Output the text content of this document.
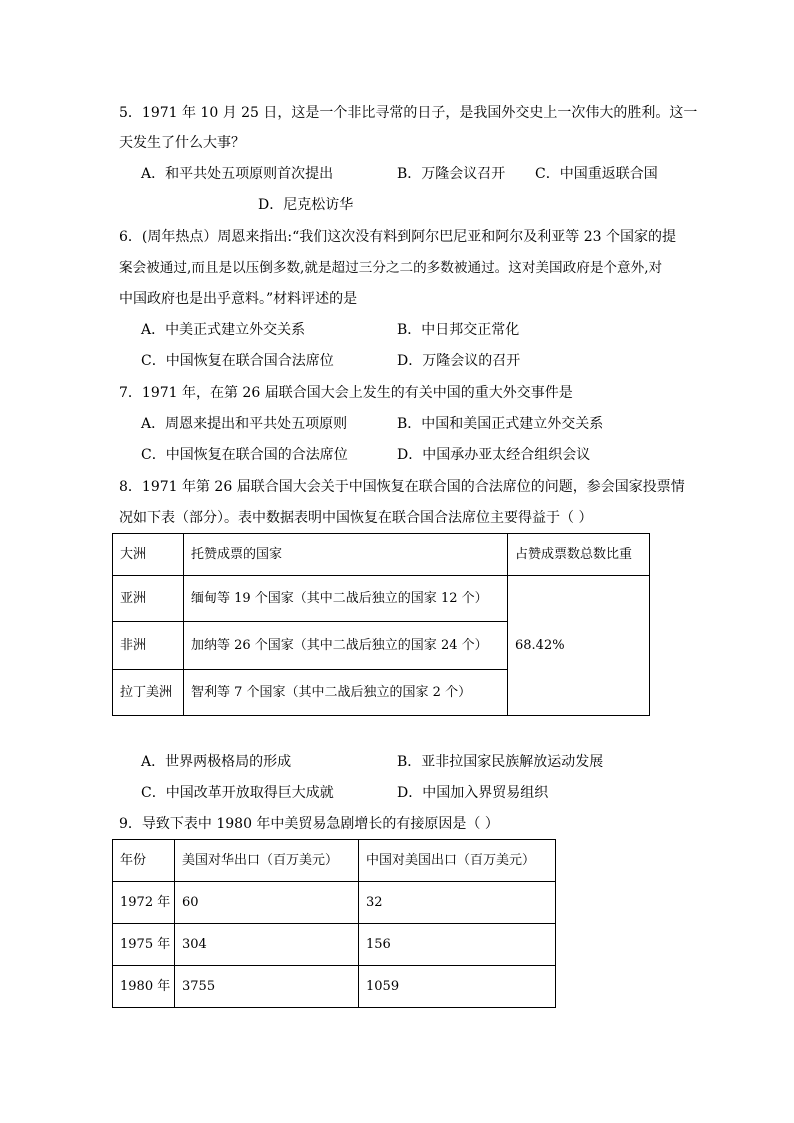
5．1971 年 10 月 25 日，这是一个非比寻常的日子，是我国外交史上一次伟大的胜利。这一
天发生了什么大事？
A．和平共处五项原则首次提出	B．万隆会议召开 C．中国重返联合国
D．尼克松访华
6．(周年热点）周恩来指出:“我们这次没有料到阿尔巴尼亚和阿尔及利亚等 23 个国家的提
案会被通过,而且是以压倒多数,就是超过三分之二的多数被通过。这对美国政府是个意外,对
中国政府也是出乎意料。”材料评述的是
A．中美正式建立外交关系	B．中日邦交正常化
C．中国恢复在联合国合法席位	D．万隆会议的召开
7．1971 年，在第 26 届联合国大会上发生的有关中国的重大外交事件是
A．周恩来提出和平共处五项原则	B．中国和美国正式建立外交关系
C．中国恢复在联合国的合法席位	D．中国承办亚太经合组织会议
8．1971 年第 26 届联合国大会关于中国恢复在联合国的合法席位的问题，参会国家投票情
况如下表（部分）。表中数据表明中国恢复在联合国合法席位主要得益于（ ）
大洲	托赞成票的国家	占赞成票数总数比重
亚洲	缅甸等 19 个国家（其中二战后独立的国家 12 个）	68.42%
非洲	加纳等 26 个国家（其中二战后独立的国家 24 个）	
拉丁美洲	智利等 7 个国家（其中二战后独立的国家 2 个）	
A．世界两极格局的形成	B．亚非拉国家民族解放运动发展
C．中国改革开放取得巨大成就	D．中国加入界贸易组织
9．导致下表中 1980 年中美贸易急剧增长的有接原因是（ ）
年份	美国对华出口（百万美元）	中国对美国出口（百万美元）
1972 年	60	32
1975 年	304	156
1980 年	3755	1059
